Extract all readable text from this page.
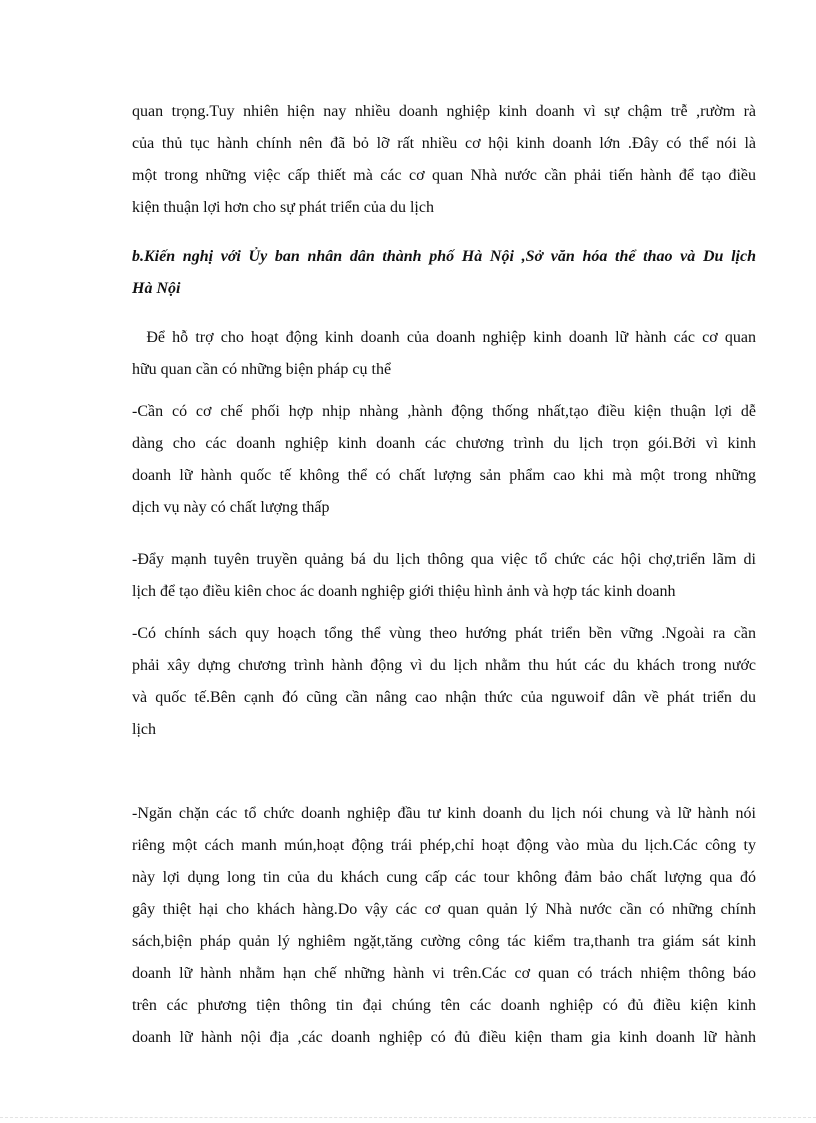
quan trọng.Tuy nhiên hiện nay nhiều doanh nghiệp kinh doanh vì sự chậm trễ ,rườm rà
của thủ tục hành chính nên đã bỏ lỡ rất nhiều cơ hội kinh doanh lớn .Đây có thể nói là
một trong những việc cấp thiết mà các cơ quan Nhà nước cần phải tiến hành để tạo điều
kiện thuận lợi hơn cho sự phát triển của du lịch
b.Kiến nghị với Ủy ban nhân dân thành phố Hà Nội ,Sở văn hóa thể thao và Du lịch
Hà Nội
Để hỗ trợ cho hoạt động kinh doanh của doanh nghiệp kinh doanh lữ hành các cơ quan
hữu quan cần có những biện pháp cụ thể
-Cần có cơ chế phối hợp nhịp nhàng ,hành động thống nhất,tạo điều kiện thuận lợi dễ
dàng cho các doanh nghiệp kinh doanh các chương trình du lịch trọn gói.Bởi vì kinh
doanh lữ hành quốc tế không thể có chất lượng sản phẩm cao khi mà một trong những
dịch vụ này có chất lượng thấp
-Đẩy mạnh tuyên truyền quảng bá du lịch thông qua việc tổ chức các hội chợ,triển lãm di
lịch để tạo điều kiên choc ác doanh nghiệp giới thiệu hình ảnh và hợp tác kinh doanh
-Có chính sách quy hoạch tổng thể vùng theo hướng phát triển bền vững .Ngoài ra cần
phải xây dựng chương trình hành động vì du lịch nhằm thu hút các du khách trong nước
và quốc tế.Bên cạnh đó cũng cần nâng cao nhận thức của nguwoif dân về phát triển du
lịch
-Ngăn chặn các tổ chức doanh nghiệp đầu tư kinh doanh du lịch nói chung và lữ hành nói
riêng một cách manh mún,hoạt động trái phép,chỉ hoạt động vào mùa du lịch.Các công ty
này lợi dụng long tin của du khách cung cấp các tour không đảm bảo chất lượng qua đó
gây thiệt hại cho khách hàng.Do vậy các cơ quan quản lý Nhà nước cần có những chính
sách,biện pháp quản lý nghiêm ngặt,tăng cường công tác kiểm tra,thanh tra giám sát kinh
doanh lữ hành nhằm hạn chế những hành vi trên.Các cơ quan có trách nhiệm thông báo
trên các phương tiện thông tin đại chúng tên các doanh nghiệp có đủ điều kiện kinh
doanh lữ hành nội địa ,các doanh nghiệp có đủ điều kiện tham gia kinh doanh lữ hành
